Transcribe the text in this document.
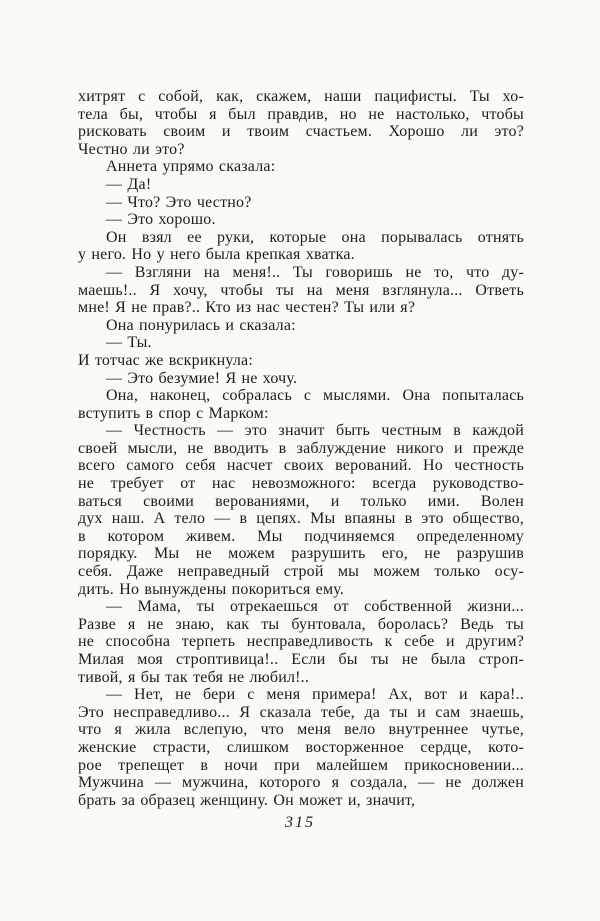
хитрят с собой, как, скажем, наши пацифисты. Ты хо-
тела бы, чтобы я был правдив, но не настолько, чтобы
рисковать своим и твоим счастьем. Хорошо ли это?
Честно ли это?
Аннета упрямо сказала:
— Да!
— Что? Это честно?
— Это хорошо.
Он взял ее руки, которые она порывалась отнять
у него. Но у него была крепкая хватка.
— Взгляни на меня!.. Ты говоришь не то, что ду-
маешь!.. Я хочу, чтобы ты на меня взглянула... Ответь
мне! Я не прав?.. Кто из нас честен? Ты или я?
Она понурилась и сказала:
— Ты.
И тотчас же вскрикнула:
— Это безумие! Я не хочу.
Она, наконец, собралась с мыслями. Она попыталась
вступить в спор с Марком:
— Честность — это значит быть честным в каждой
своей мысли, не вводить в заблуждение никого и прежде
всего самого себя насчет своих верований. Но честность
не требует от нас невозможного: всегда руководство-
ваться своими верованиями, и только ими. Волен
дух наш. А тело — в цепях. Мы впаяны в это общество,
в котором живем. Мы подчиняемся определенному
порядку. Мы не можем разрушить его, не разрушив
себя. Даже неправедный строй мы можем только осу-
дить. Но вынуждены покориться ему.
— Мама, ты отрекаешься от собственной жизни...
Разве я не знаю, как ты бунтовала, боролась? Ведь ты
не способна терпеть несправедливость к себе и другим?
Милая моя строптивица!.. Если бы ты не была строп-
тивой, я бы так тебя не любил!..
— Нет, не бери с меня примера! Ах, вот и кара!..
Это несправедливо... Я сказала тебе, да ты и сам знаешь,
что я жила вслепую, что меня вело внутреннее чутье,
женские страсти, слишком восторженное сердце, кото-
рое трепещет в ночи при малейшем прикосновении...
Мужчина — мужчина, которого я создала, — не должен
брать за образец женщину. Он может и, значит,
315
